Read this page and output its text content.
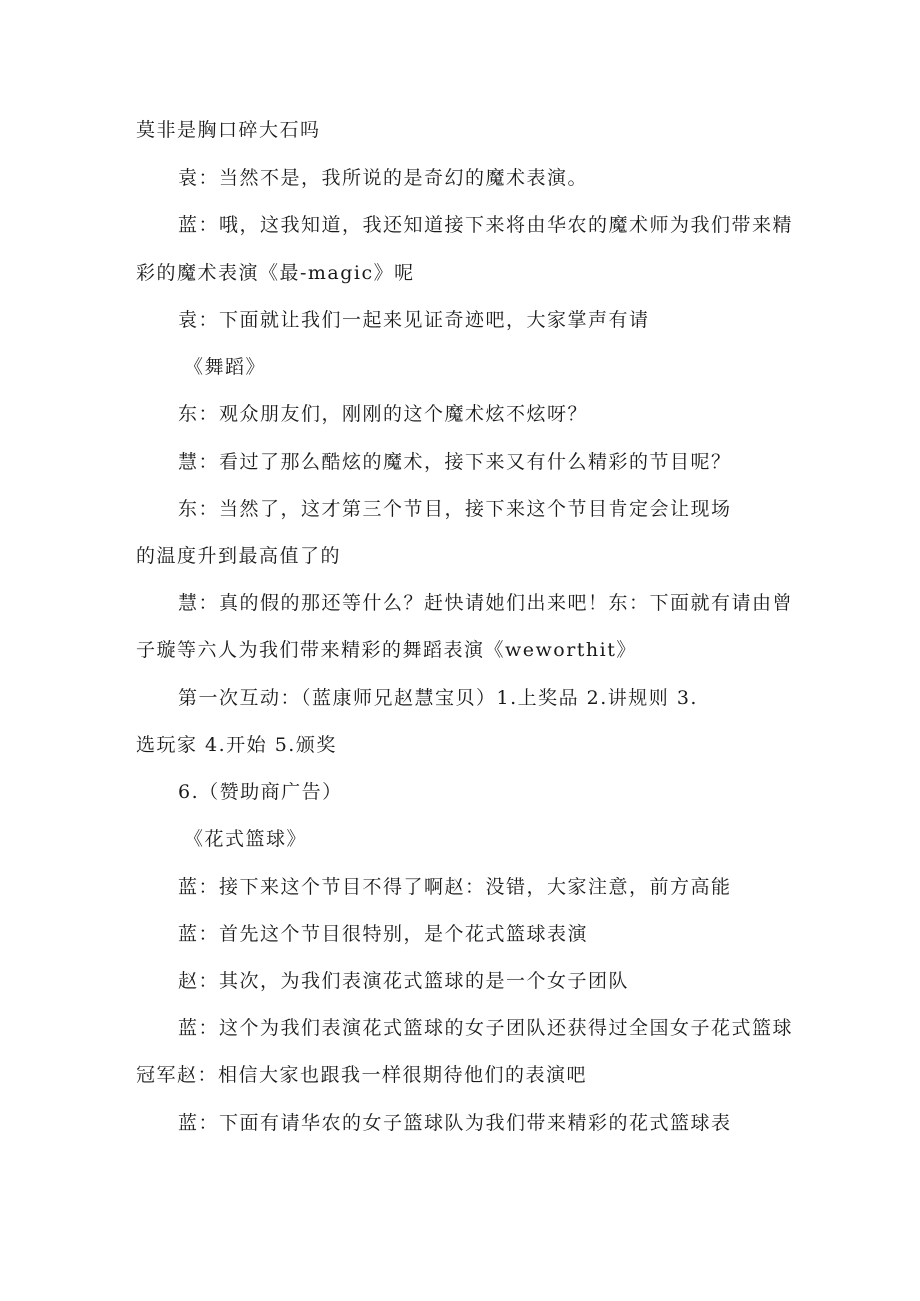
莫非是胸口碎大石吗
袁：当然不是，我所说的是奇幻的魔术表演。
蓝：哦，这我知道，我还知道接下来将由华农的魔术师为我们带来精
彩的魔术表演《最-magic》呢
袁：下面就让我们一起来见证奇迹吧，大家掌声有请
《舞蹈》
东：观众朋友们，刚刚的这个魔术炫不炫呀？
慧：看过了那么酷炫的魔术，接下来又有什么精彩的节目呢？
东：当然了，这才第三个节目，接下来这个节目肯定会让现场
的温度升到最高值了的
慧：真的假的那还等什么？赶快请她们出来吧！东：下面就有请由曾
子璇等六人为我们带来精彩的舞蹈表演《weworthit》
第一次互动：（蓝康师兄赵慧宝贝）1.上奖品 2.讲规则 3.
选玩家 4.开始 5.颁奖
6.（赞助商广告）
《花式篮球》
蓝：接下来这个节目不得了啊赵：没错，大家注意，前方高能
蓝：首先这个节目很特别，是个花式篮球表演
赵：其次，为我们表演花式篮球的是一个女子团队
蓝：这个为我们表演花式篮球的女子团队还获得过全国女子花式篮球
冠军赵：相信大家也跟我一样很期待他们的表演吧
蓝：下面有请华农的女子篮球队为我们带来精彩的花式篮球表
